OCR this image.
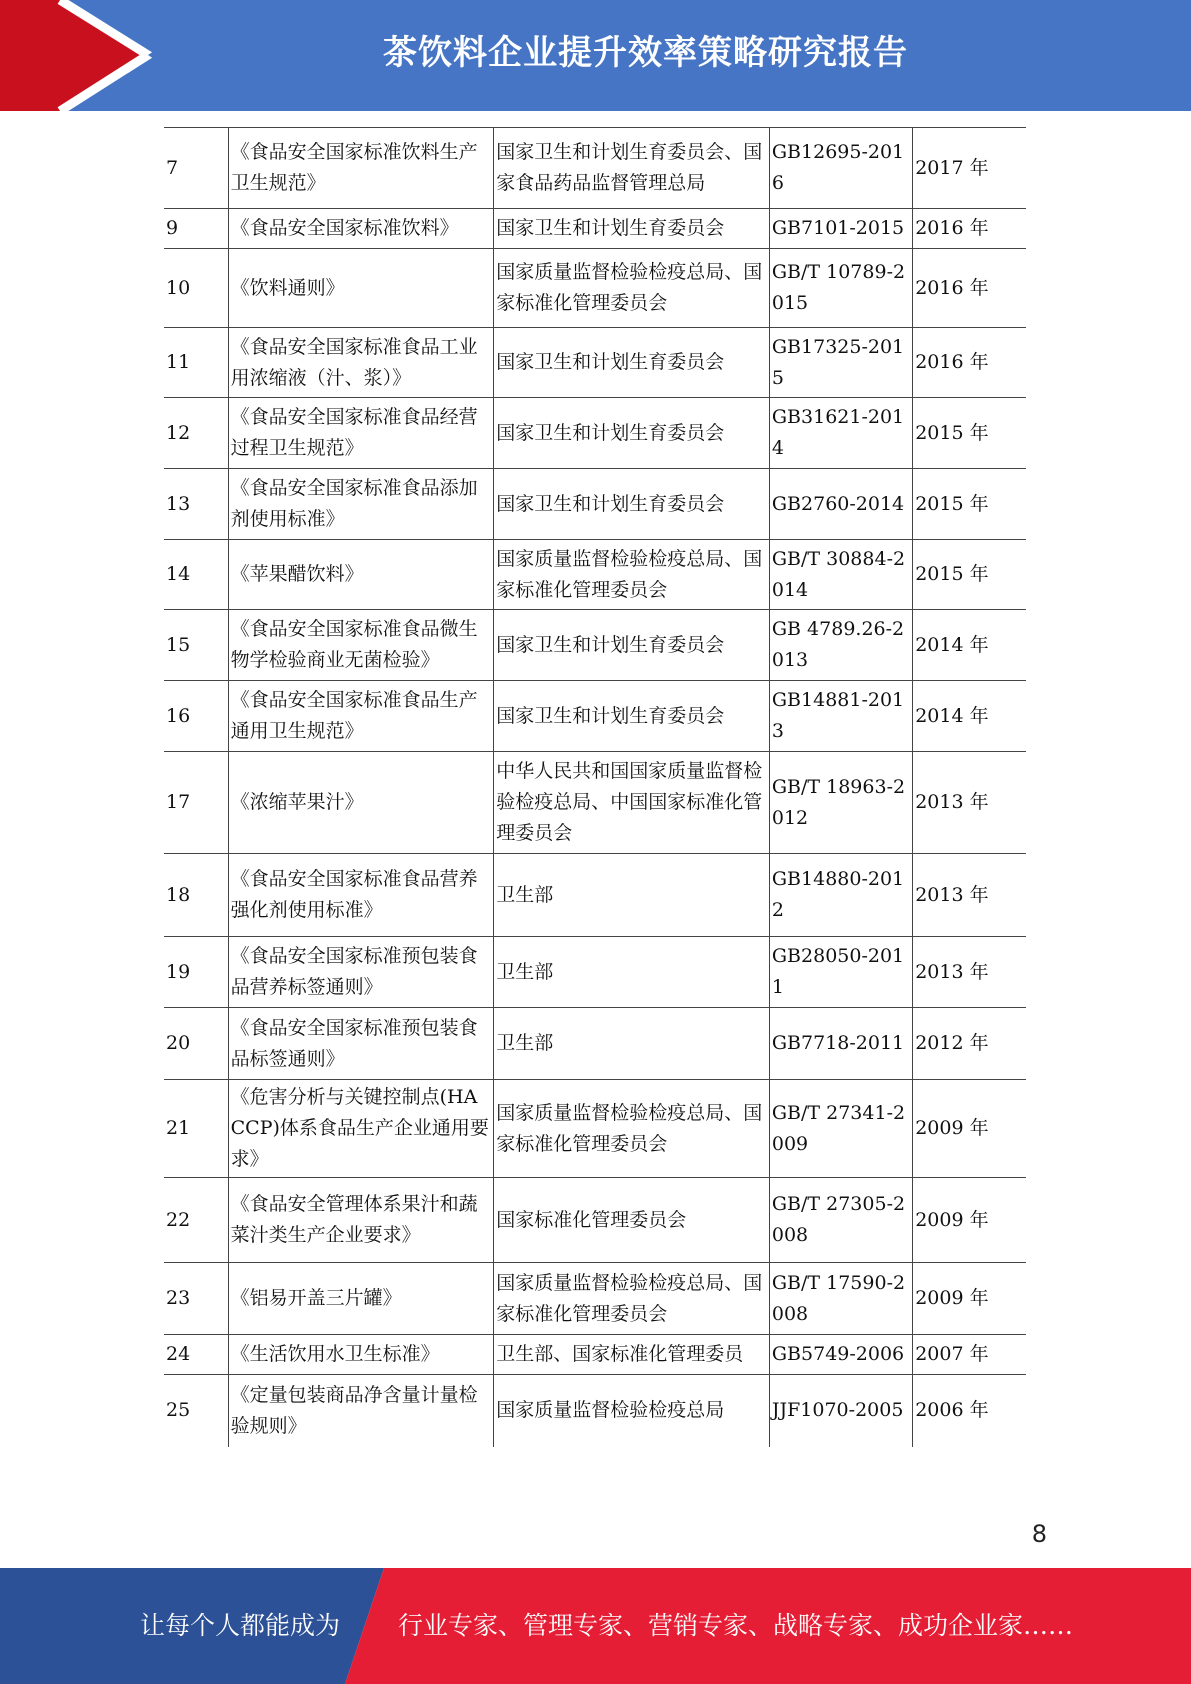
茶饮料企业提升效率策略研究报告
7	《食品安全国家标准饮料生产卫生规范》	国家卫生和计划生育委员会、国家食品药品监督管理总局	GB12695-2016	2017 年
9	《食品安全国家标准饮料》	国家卫生和计划生育委员会	GB7101-2015	2016 年
10	《饮料通则》	国家质量监督检验检疫总局、国家标准化管理委员会	GB/T 10789-2015	2016 年
11	《食品安全国家标准食品工业用浓缩液（汁、浆）》	国家卫生和计划生育委员会	GB17325-2015	2016 年
12	《食品安全国家标准食品经营过程卫生规范》	国家卫生和计划生育委员会	GB31621-2014	2015 年
13	《食品安全国家标准食品添加剂使用标准》	国家卫生和计划生育委员会	GB2760-2014	2015 年
14	《苹果醋饮料》	国家质量监督检验检疫总局、国家标准化管理委员会	GB/T 30884-2014	2015 年
15	《食品安全国家标准食品微生物学检验商业无菌检验》	国家卫生和计划生育委员会	GB 4789.26-2013	2014 年
16	《食品安全国家标准食品生产通用卫生规范》	国家卫生和计划生育委员会	GB14881-2013	2014 年
17	《浓缩苹果汁》	中华人民共和国国家质量监督检验检疫总局、中国国家标准化管理委员会	GB/T 18963-2012	2013 年
18	《食品安全国家标准食品营养强化剂使用标准》	卫生部	GB14880-2012	2013 年
19	《食品安全国家标准预包装食品营养标签通则》	卫生部	GB28050-2011	2013 年
20	《食品安全国家标准预包装食品标签通则》	卫生部	GB7718-2011	2012 年
21	《危害分析与关键控制点(HACCP)体系食品生产企业通用要求》	国家质量监督检验检疫总局、国家标准化管理委员会	GB/T 27341-2009	2009 年
22	《食品安全管理体系果汁和蔬菜汁类生产企业要求》	国家标准化管理委员会	GB/T 27305-2008	2009 年
23	《铝易开盖三片罐》	国家质量监督检验检疫总局、国家标准化管理委员会	GB/T 17590-2008	2009 年
24	《生活饮用水卫生标准》	卫生部、国家标准化管理委员	GB5749-2006	2007 年
25	《定量包装商品净含量计量检验规则》	国家质量监督检验检疫总局	JJF1070-2005	2006 年
8
让每个人都能成为 行业专家、管理专家、营销专家、战略专家、成功企业家……
